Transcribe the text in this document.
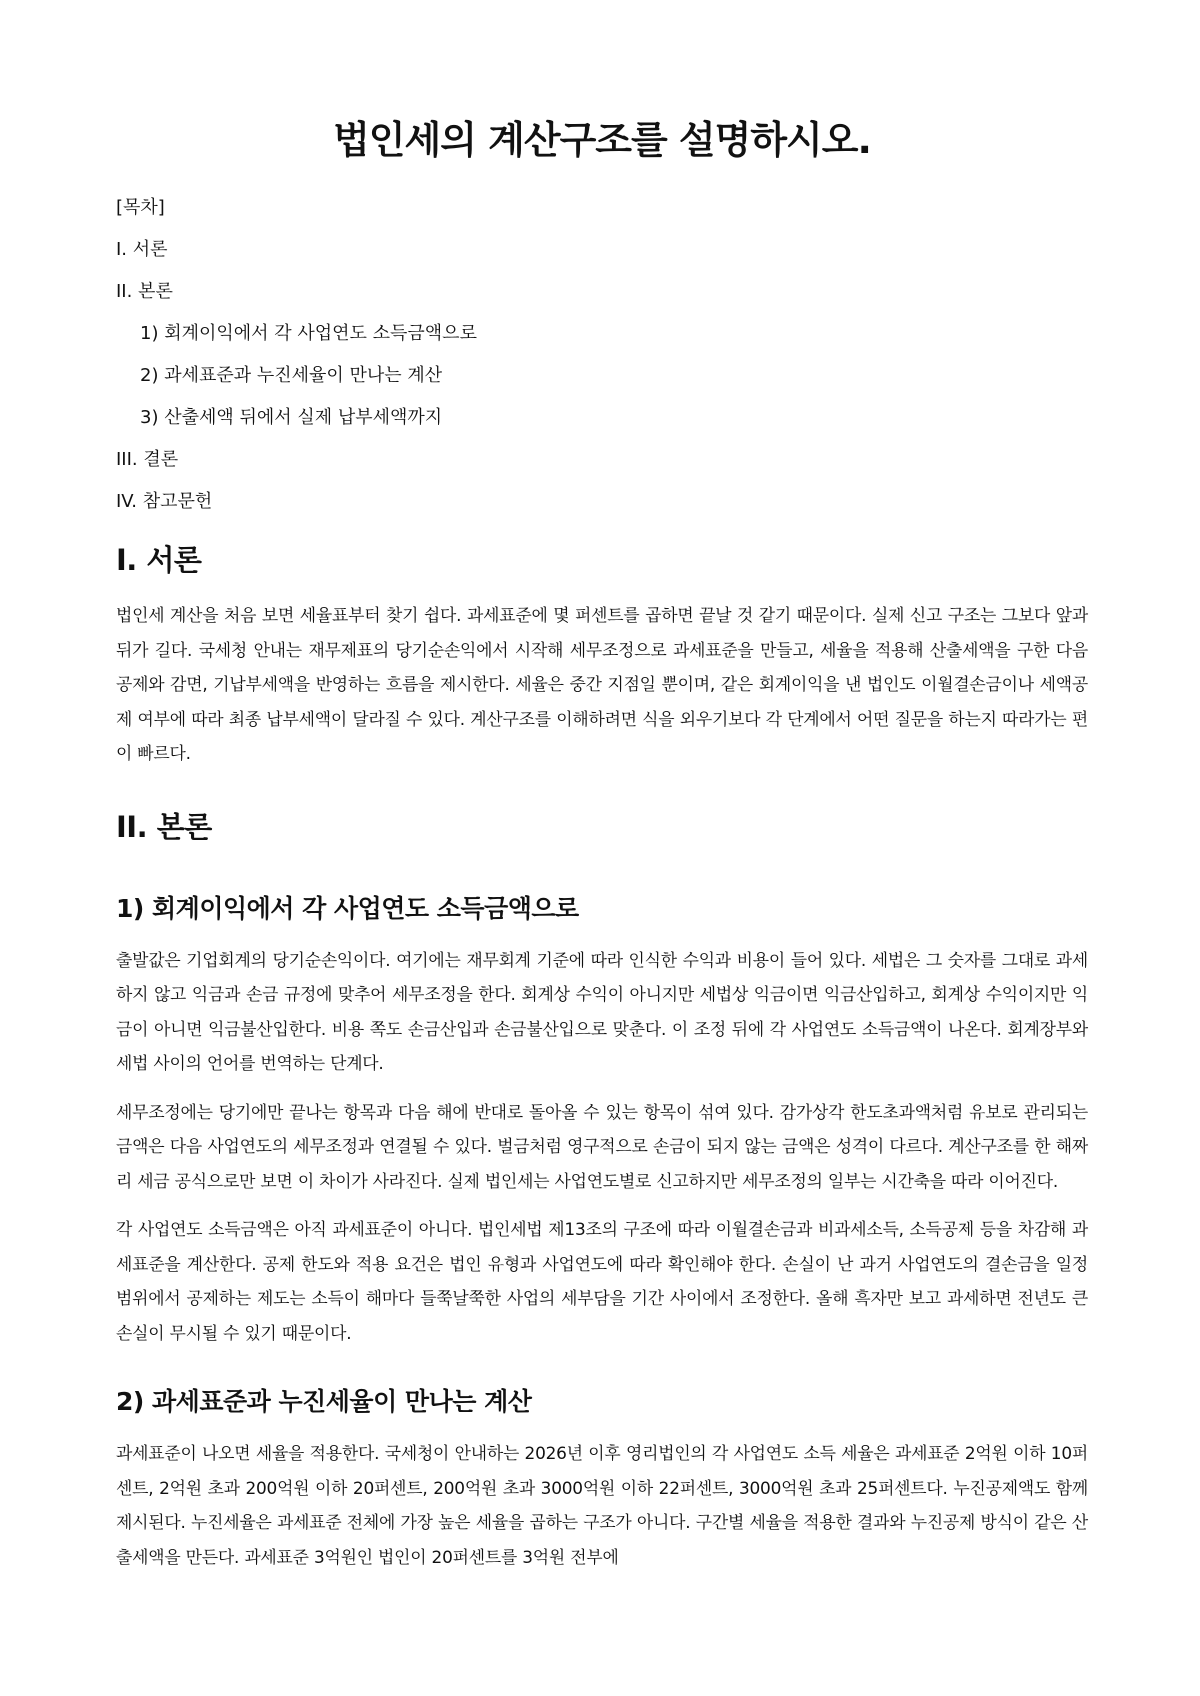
법인세의 계산구조를 설명하시오.
[목차]
I. 서론
II. 본론
1) 회계이익에서 각 사업연도 소득금액으로
2) 과세표준과 누진세율이 만나는 계산
3) 산출세액 뒤에서 실제 납부세액까지
III. 결론
IV. 참고문헌
I. 서론

법인세 계산을 처음 보면 세율표부터 찾기 쉽다. 과세표준에 몇 퍼센트를 곱하면 끝날 것 같기 때문이다. 실제 신고 구조는 그보다 앞과 뒤가 길다. 국세청 안내는 재무제표의 당기순손익에서 시작해 세무조정으로 과세표준을 만들고, 세율을 적용해 산출세액을 구한 다음 공제와 감면, 기납부세액을 반영하는 흐름을 제시한다. 세율은 중간 지점일 뿐이며, 같은 회계이익을 낸 법인도 이월결손금이나 세액공제 여부에 따라 최종 납부세액이 달라질 수 있다. 계산구조를 이해하려면 식을 외우기보다 각 단계에서 어떤 질문을 하는지 따라가는 편이 빠르다.

II. 본론
1) 회계이익에서 각 사업연도 소득금액으로

출발값은 기업회계의 당기순손익이다. 여기에는 재무회계 기준에 따라 인식한 수익과 비용이 들어 있다. 세법은 그 숫자를 그대로 과세하지 않고 익금과 손금 규정에 맞추어 세무조정을 한다. 회계상 수익이 아니지만 세법상 익금이면 익금산입하고, 회계상 수익이지만 익금이 아니면 익금불산입한다. 비용 쪽도 손금산입과 손금불산입으로 맞춘다. 이 조정 뒤에 각 사업연도 소득금액이 나온다. 회계장부와 세법 사이의 언어를 번역하는 단계다.

세무조정에는 당기에만 끝나는 항목과 다음 해에 반대로 돌아올 수 있는 항목이 섞여 있다. 감가상각 한도초과액처럼 유보로 관리되는 금액은 다음 사업연도의 세무조정과 연결될 수 있다. 벌금처럼 영구적으로 손금이 되지 않는 금액은 성격이 다르다. 계산구조를 한 해짜리 세금 공식으로만 보면 이 차이가 사라진다. 실제 법인세는 사업연도별로 신고하지만 세무조정의 일부는 시간축을 따라 이어진다.

각 사업연도 소득금액은 아직 과세표준이 아니다. 법인세법 제13조의 구조에 따라 이월결손금과 비과세소득, 소득공제 등을 차감해 과세표준을 계산한다. 공제 한도와 적용 요건은 법인 유형과 사업연도에 따라 확인해야 한다. 손실이 난 과거 사업연도의 결손금을 일정 범위에서 공제하는 제도는 소득이 해마다 들쭉날쭉한 사업의 세부담을 기간 사이에서 조정한다. 올해 흑자만 보고 과세하면 전년도 큰 손실이 무시될 수 있기 때문이다.

2) 과세표준과 누진세율이 만나는 계산

과세표준이 나오면 세율을 적용한다. 국세청이 안내하는 2026년 이후 영리법인의 각 사업연도 소득 세율은 과세표준 2억원 이하 10퍼센트, 2억원 초과 200억원 이하 20퍼센트, 200억원 초과 3000억원 이하 22퍼센트, 3000억원 초과 25퍼센트다. 누진공제액도 함께 제시된다. 누진세율은 과세표준 전체에 가장 높은 세율을 곱하는 구조가 아니다. 구간별 세율을 적용한 결과와 누진공제 방식이 같은 산출세액을 만든다. 과세표준 3억원인 법인이 20퍼센트를 3억원 전부에
